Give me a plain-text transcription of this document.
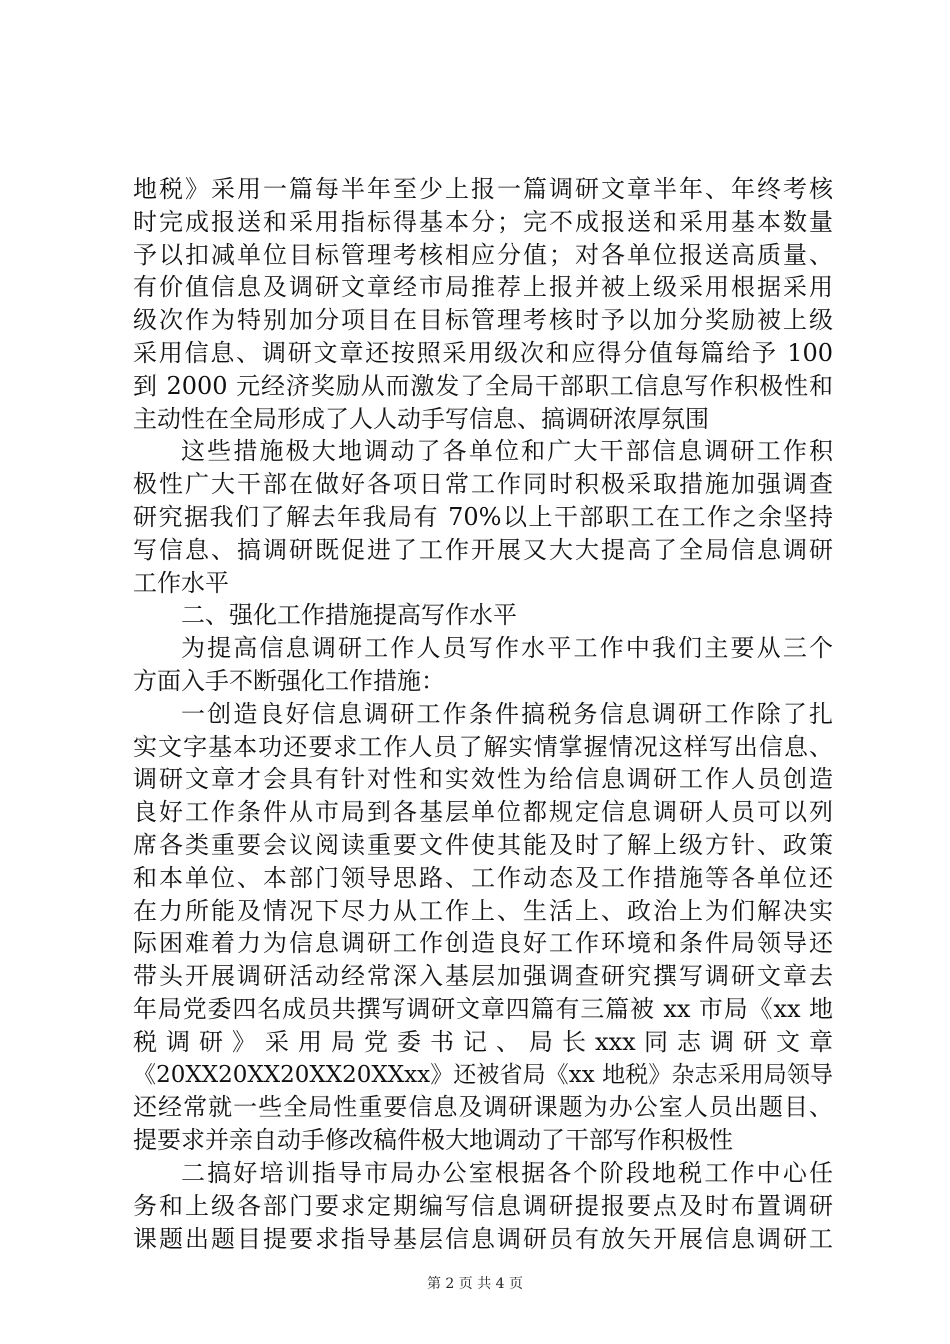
地税》采用一篇每半年至少上报一篇调研文章半年、年终考核
时完成报送和采用指标得基本分；完不成报送和采用基本数量
予以扣减单位目标管理考核相应分值；对各单位报送高质量、
有价值信息及调研文章经市局推荐上报并被上级采用根据采用
级次作为特别加分项目在目标管理考核时予以加分奖励被上级
采用信息、调研文章还按照采用级次和应得分值每篇给予 100
到 2000 元经济奖励从而激发了全局干部职工信息写作积极性和
主动性在全局形成了人人动手写信息、搞调研浓厚氛围
这些措施极大地调动了各单位和广大干部信息调研工作积
极性广大干部在做好各项日常工作同时积极采取措施加强调查
研究据我们了解去年我局有 70%以上干部职工在工作之余坚持
写信息、搞调研既促进了工作开展又大大提高了全局信息调研
工作水平
二、强化工作措施提高写作水平
为提高信息调研工作人员写作水平工作中我们主要从三个
方面入手不断强化工作措施：
一创造良好信息调研工作条件搞税务信息调研工作除了扎
实文字基本功还要求工作人员了解实情掌握情况这样写出信息、
调研文章才会具有针对性和实效性为给信息调研工作人员创造
良好工作条件从市局到各基层单位都规定信息调研人员可以列
席各类重要会议阅读重要文件使其能及时了解上级方针、政策
和本单位、本部门领导思路、工作动态及工作措施等各单位还
在力所能及情况下尽力从工作上、生活上、政治上为们解决实
际困难着力为信息调研工作创造良好工作环境和条件局领导还
带头开展调研活动经常深入基层加强调查研究撰写调研文章去
年局党委四名成员共撰写调研文章四篇有三篇被 xx 市局《xx 地
税 调 研 》 采 用 局 党 委 书 记 、 局 长 xxx 同 志 调 研 文 章
《20XX20XX20XX20XXxx》还被省局《xx 地税》杂志采用局领导
还经常就一些全局性重要信息及调研课题为办公室人员出题目、
提要求并亲自动手修改稿件极大地调动了干部写作积极性
二搞好培训指导市局办公室根据各个阶段地税工作中心任
务和上级各部门要求定期编写信息调研提报要点及时布置调研
课题出题目提要求指导基层信息调研员有放矢开展信息调研工
第 2 页 共 4 页
